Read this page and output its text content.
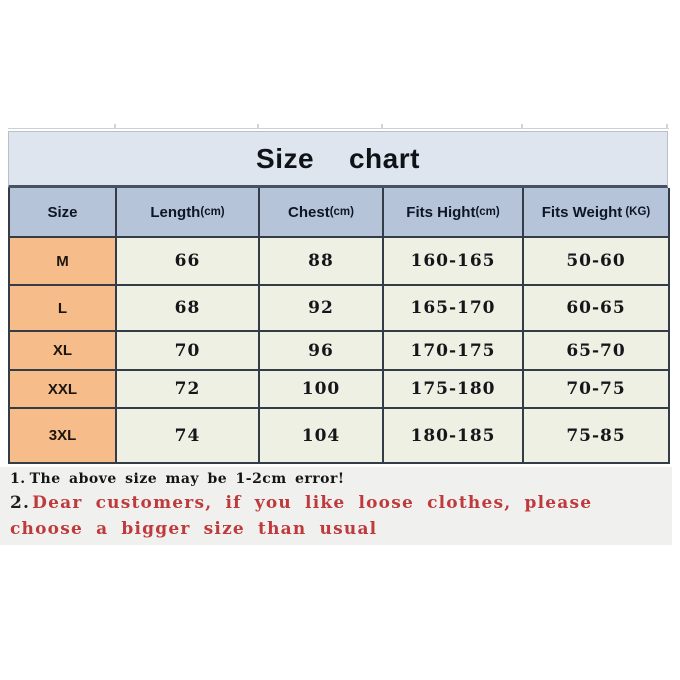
Size chart
Size	Length (cm)	Chest (cm)	Fits Hight (cm)	Fits Weight (KG)
M	66	88	160-165	50-60
L	68	92	165-170	60-65
XL	70	96	170-175	65-70
XXL	72	100	175-180	70-75
3XL	74	104	180-185	75-85

1. The above size may be 1-2cm error!

2. Dear customers, if you like loose clothes, please choose a bigger size than usual
